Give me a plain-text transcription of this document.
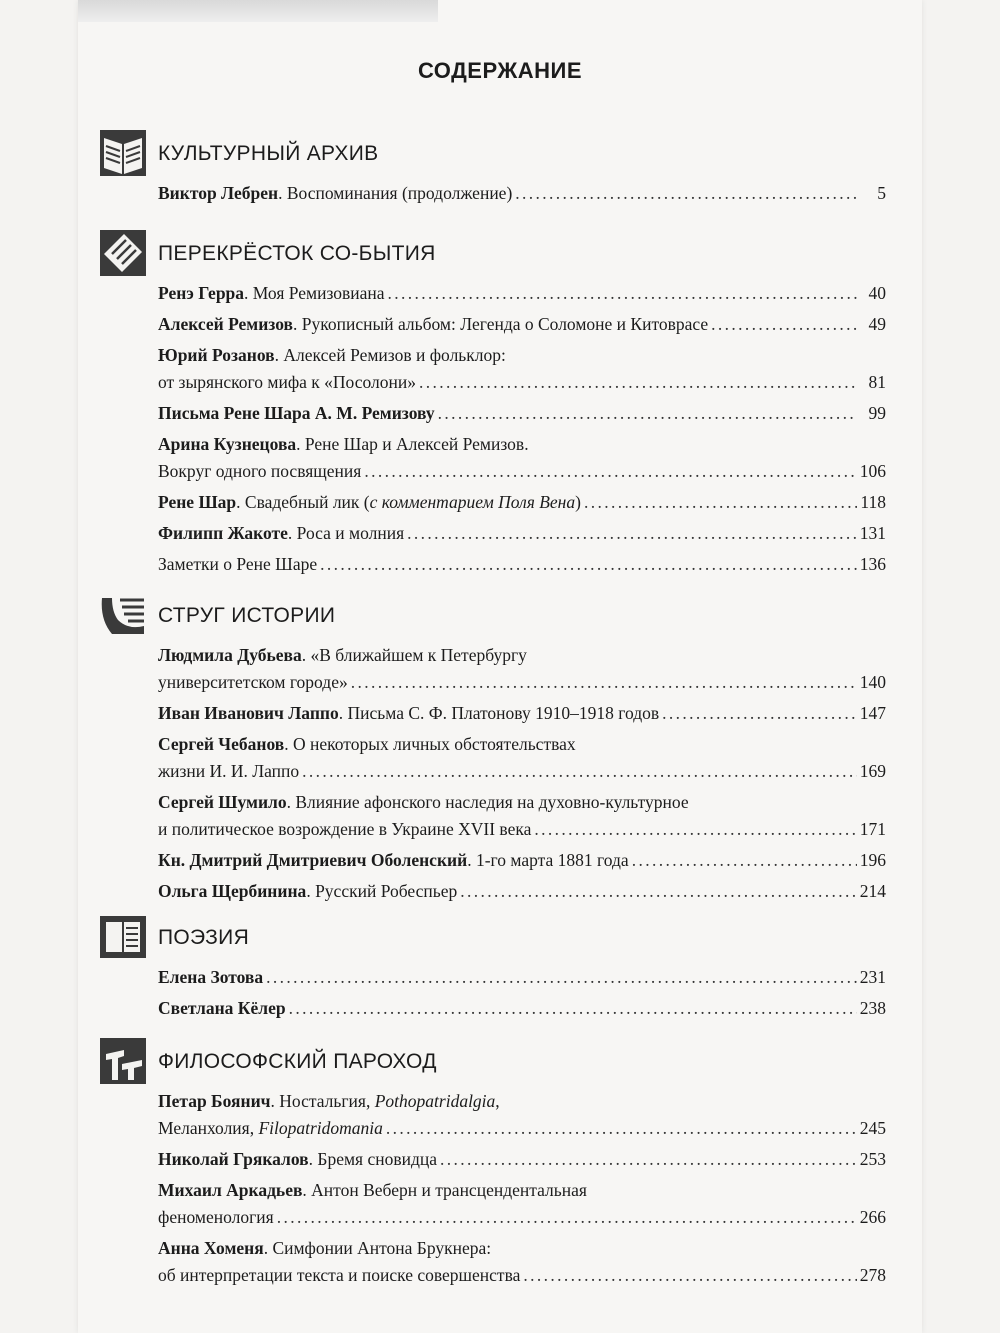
СОДЕРЖАНИЕ
КУЛЬТУРНЫЙ АРХИВ
Виктор Лебрен. Воспоминания (продолжение) . . .	5
ПЕРЕКРЁСТОК СО-БЫТИЯ
Ренэ Герра. Моя Ремизовиана . . .	40
Алексей Ремизов. Рукописный альбом: Легенда о Соломоне и Китоврасе . . .	49
Юрий Розанов. Алексей Ремизов и фольклор:
от зырянского мифа к «Посолони» . . .	81
Письма Рене Шара А. М. Ремизову . . .	99
Арина Кузнецова. Рене Шар и Алексей Ремизов.
Вокруг одного посвящения . . .	106
Рене Шар. Свадебный лик (с комментарием Поля Вена) . . .	118
Филипп Жакоте. Роса и молния . . .	131
Заметки о Рене Шаре . . .	136
СТРУГ ИСТОРИИ
Людмила Дубьева. «В ближайшем к Петербургу
университетском городе» . . .	140
Иван Иванович Лаппо. Письма С. Ф. Платонову 1910–1918 годов . . .	147
Сергей Чебанов. О некоторых личных обстоятельствах
жизни И. И. Лаппо . . .	169
Сергей Шумило. Влияние афонского наследия на духовно-культурное
и политическое возрождение в Украине XVII века . . .	171
Кн. Дмитрий Дмитриевич Оболенский. 1-го марта 1881 года . . .	196
Ольга Щербинина. Русский Робеспьер . . .	214
ПОЭЗИЯ
Елена Зотова . . .	231
Светлана Кёлер . . .	238
ФИЛОСОФСКИЙ ПАРОХОД
Петар Боянич. Ностальгия, Pothopatridalgia,
Меланхолия, Filopatridomania . . .	245
Николай Грякалов. Бремя сновидца . . .	253
Михаил Аркадьев. Антон Веберн и трансцендентальная
феноменология . . .	266
Анна Хоменя. Симфонии Антона Брукнера:
об интерпретации текста и поиске совершенства . . .	278
